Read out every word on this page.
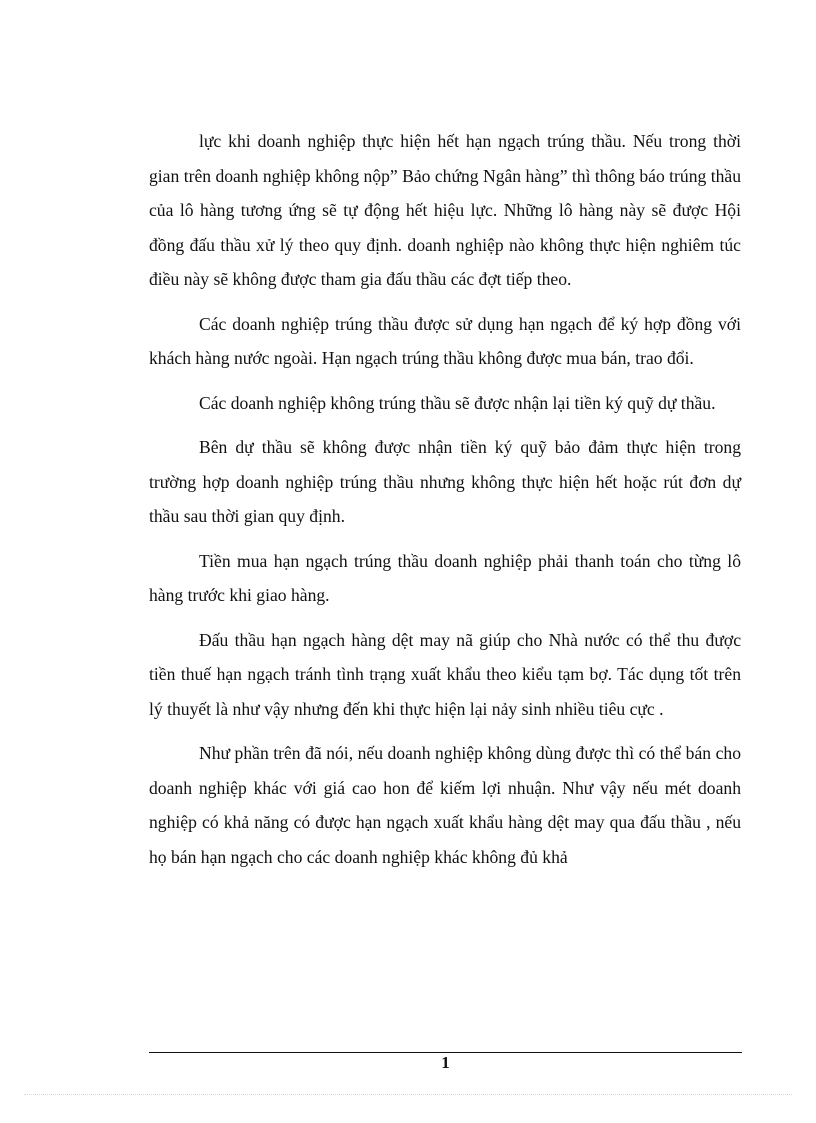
lực khi doanh nghiệp thực hiện hết hạn ngạch trúng thầu. Nếu trong thời gian trên doanh nghiệp không nộp” Bảo chứng Ngân hàng” thì thông báo trúng thầu của lô hàng tương ứng sẽ tự động hết hiệu lực. Những lô hàng này sẽ được Hội đồng đấu thầu xử lý theo quy định. doanh nghiệp nào không thực hiện nghiêm túc điều này sẽ không được tham gia đấu thầu các đợt tiếp theo.

Các doanh nghiệp trúng thầu được sử dụng hạn ngạch để ký hợp đồng với khách hàng nước ngoài. Hạn ngạch trúng thầu không được mua bán, trao đổi.

Các doanh nghiệp không trúng thầu sẽ được nhận lại tiền ký quỹ dự thầu.

Bên dự thầu sẽ không được nhận tiền ký quỹ bảo đảm thực hiện trong trường hợp doanh nghiệp trúng thầu nhưng không thực hiện hết hoặc rút đơn dự thầu sau thời gian quy định.

Tiền mua hạn ngạch trúng thầu doanh nghiệp phải thanh toán cho từng lô hàng trước khi giao hàng.

Đấu thầu hạn ngạch hàng dệt may nã giúp cho Nhà nước có thể thu được tiền thuế hạn ngạch tránh tình trạng xuất khẩu theo kiểu tạm bợ. Tác dụng tốt trên lý thuyết là như vậy nhưng đến khi thực hiện lại nảy sinh nhiều tiêu cực .

Như phần trên đã nói, nếu doanh nghiệp không dùng được thì có thể bán cho doanh nghiệp khác với giá cao hon để kiếm lợi nhuận. Như vậy nếu mét doanh nghiệp có khả năng có được hạn ngạch xuất khẩu hàng dệt may qua đấu thầu , nếu họ bán hạn ngạch cho các doanh nghiệp khác không đủ khả

1
